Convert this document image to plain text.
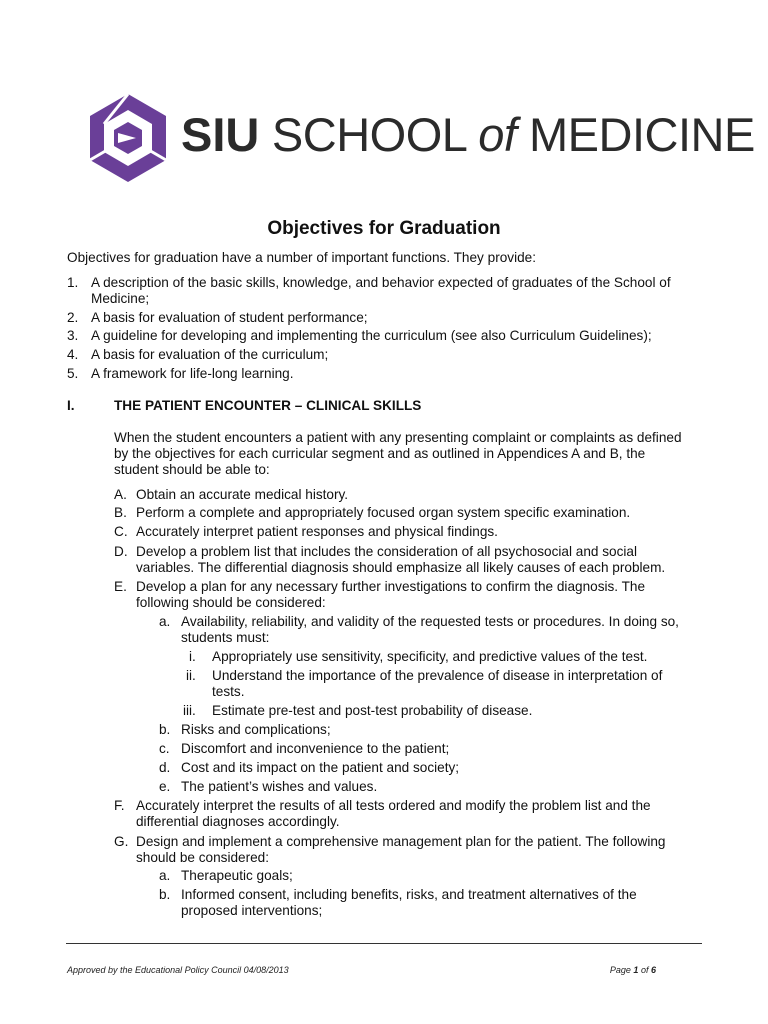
SIU SCHOOL of MEDICINE
Objectives for Graduation
Objectives for graduation have a number of important functions. They provide:
1. A description of the basic skills, knowledge, and behavior expected of graduates of the School of
Medicine;
2. A basis for evaluation of student performance;
3. A guideline for developing and implementing the curriculum (see also Curriculum Guidelines);
4. A basis for evaluation of the curriculum;
5. A framework for life-long learning.
I.	THE PATIENT ENCOUNTER – CLINICAL SKILLS
When the student encounters a patient with any presenting complaint or complaints as defined
by the objectives for each curricular segment and as outlined in Appendices A and B, the
student should be able to:
A. Obtain an accurate medical history.
B. Perform a complete and appropriately focused organ system specific examination.
C. Accurately interpret patient responses and physical findings.
D. Develop a problem list that includes the consideration of all psychosocial and social
variables. The differential diagnosis should emphasize all likely causes of each problem.
E. Develop a plan for any necessary further investigations to confirm the diagnosis. The
following should be considered:
a. Availability, reliability, and validity of the requested tests or procedures. In doing so,
students must:
i. Appropriately use sensitivity, specificity, and predictive values of the test.
ii. Understand the importance of the prevalence of disease in interpretation of
tests.
iii. Estimate pre-test and post-test probability of disease.
b. Risks and complications;
c. Discomfort and inconvenience to the patient;
d. Cost and its impact on the patient and society;
e. The patient’s wishes and values.
F. Accurately interpret the results of all tests ordered and modify the problem list and the
differential diagnoses accordingly.
G. Design and implement a comprehensive management plan for the patient. The following
should be considered:
a. Therapeutic goals;
b. Informed consent, including benefits, risks, and treatment alternatives of the
proposed interventions;
Approved by the Educational Policy Council 04/08/2013	Page 1 of 6
